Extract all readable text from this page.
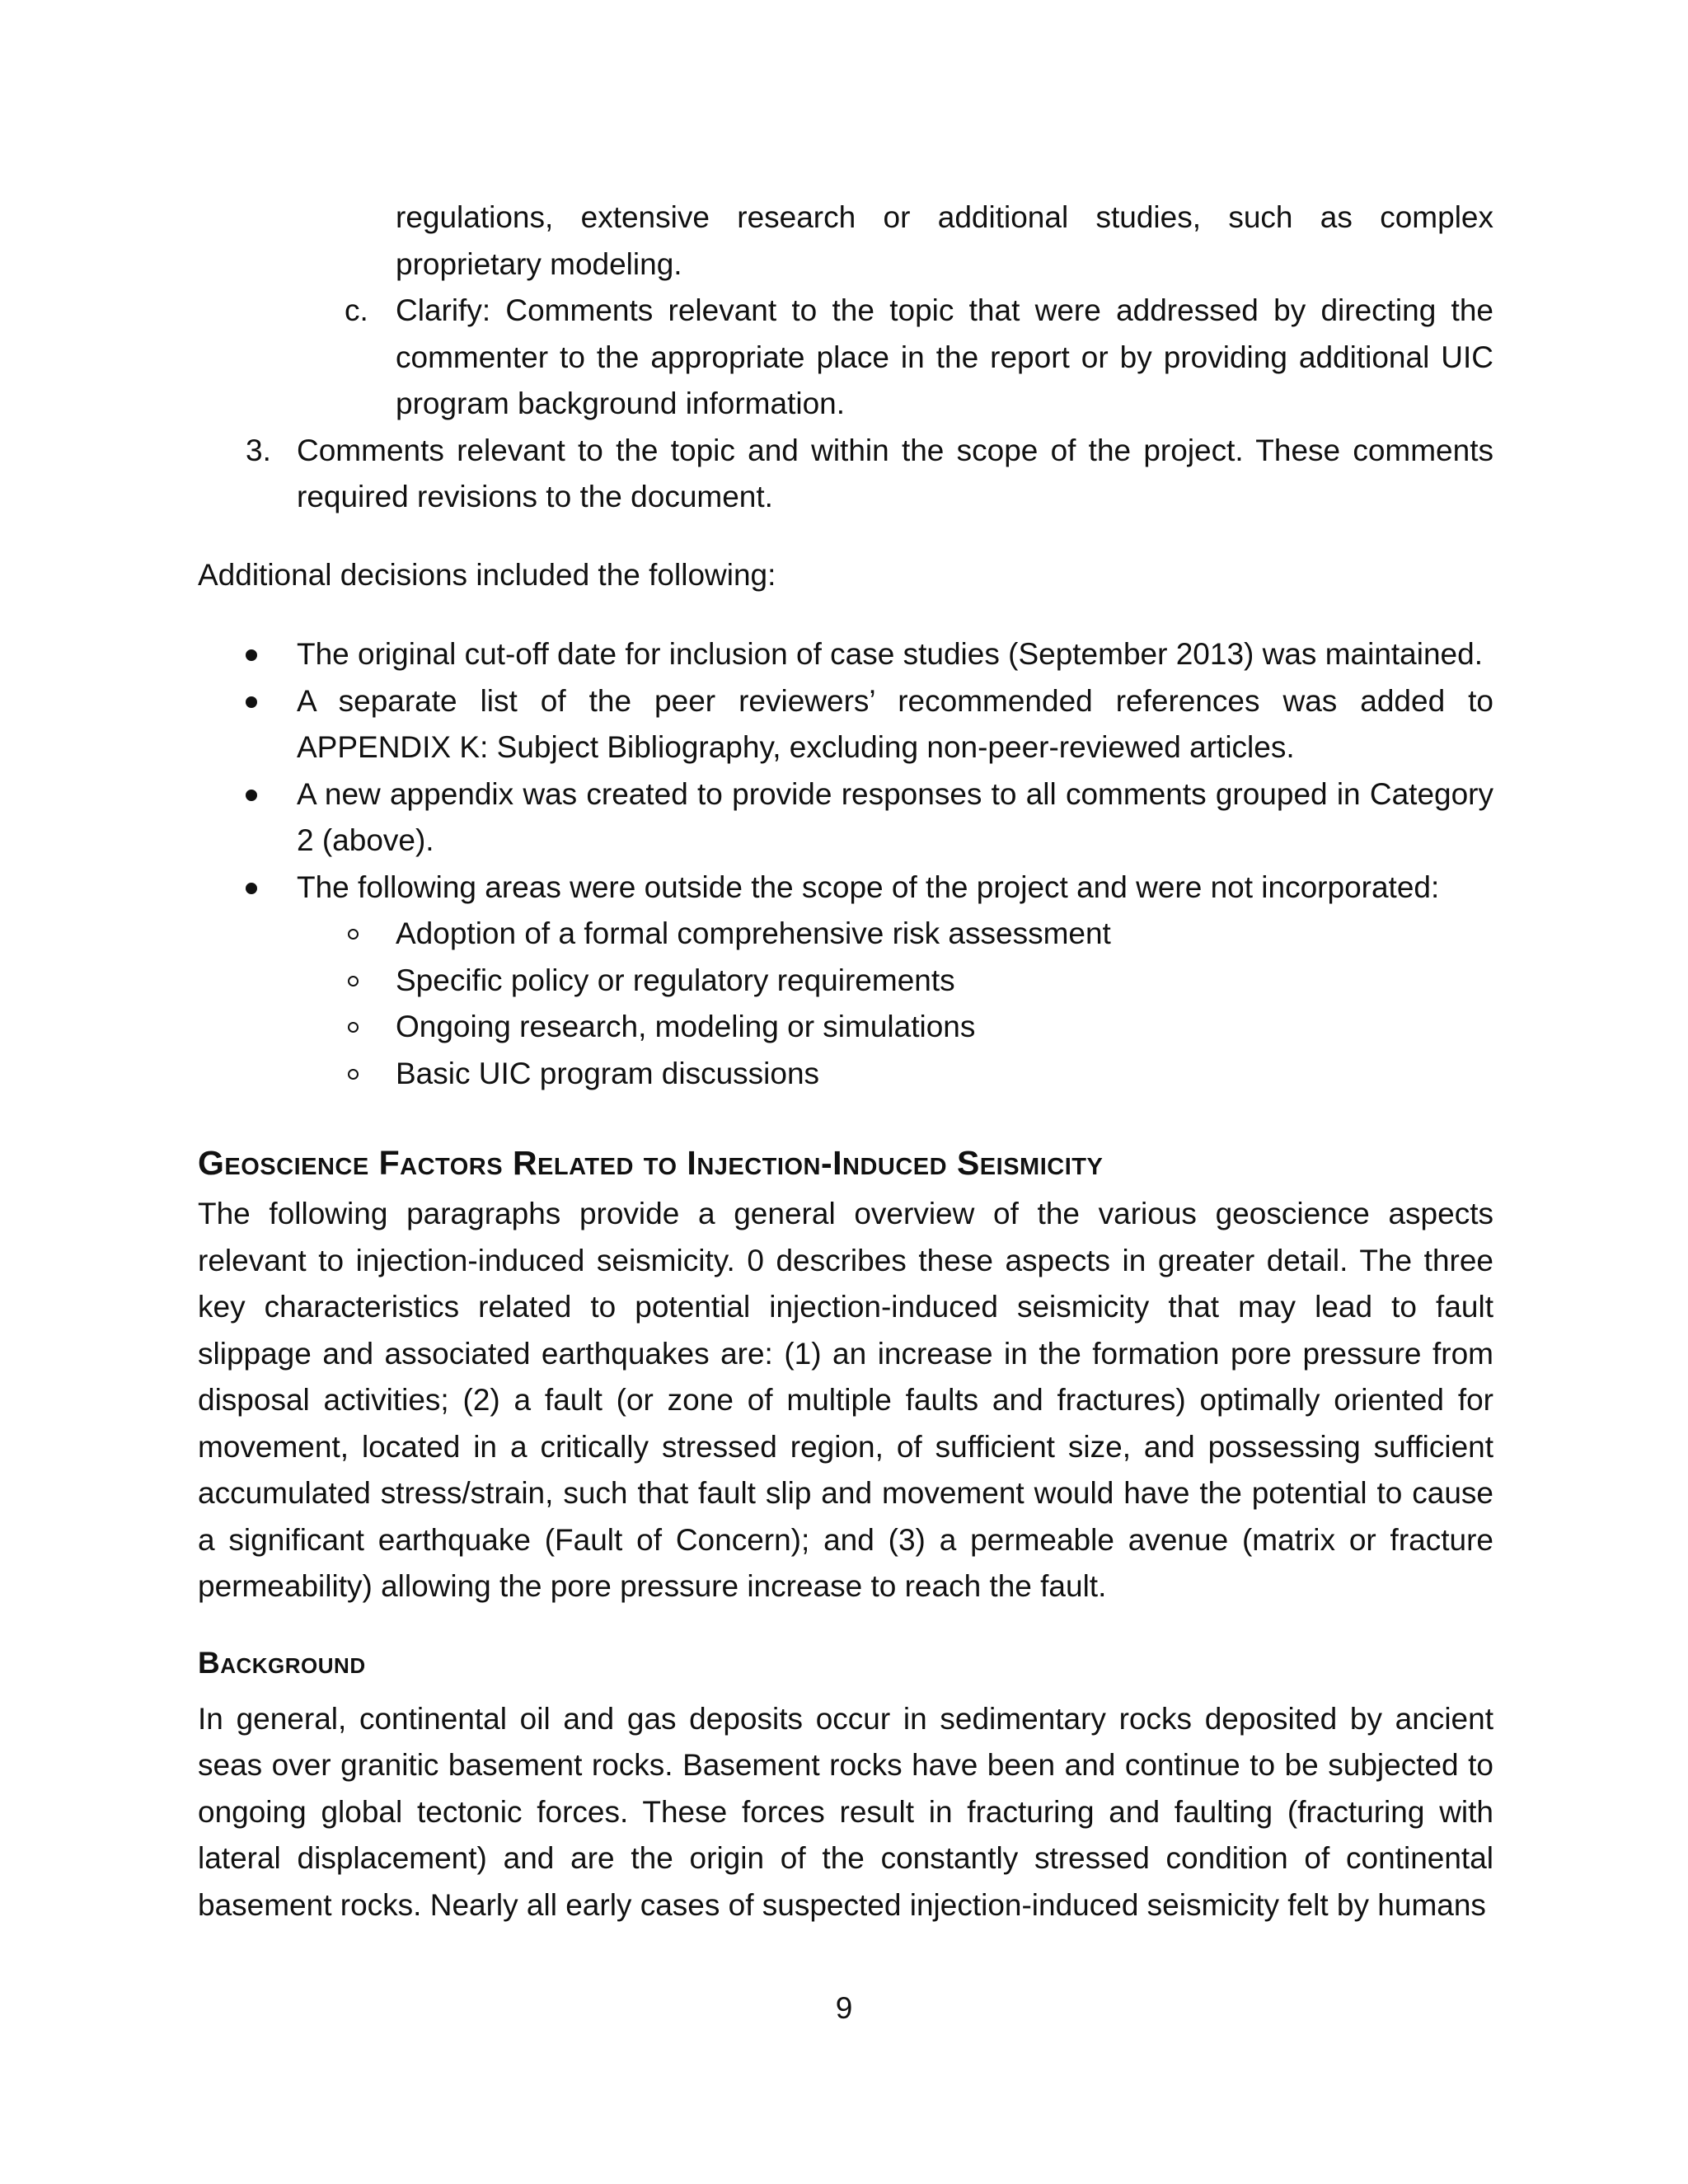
regulations, extensive research or additional studies, such as complex proprietary modeling.

c. Clarify: Comments relevant to the topic that were addressed by directing the commenter to the appropriate place in the report or by providing additional UIC program background information.

3. Comments relevant to the topic and within the scope of the project. These comments required revisions to the document.

Additional decisions included the following:

The original cut-off date for inclusion of case studies (September 2013) was maintained.
A separate list of the peer reviewers’ recommended references was added to APPENDIX K: Subject Bibliography, excluding non-peer-reviewed articles.
A new appendix was created to provide responses to all comments grouped in Category 2 (above).
The following areas were outside the scope of the project and were not incorporated:
Adoption of a formal comprehensive risk assessment
Specific policy or regulatory requirements
Ongoing research, modeling or simulations
Basic UIC program discussions
Geoscience Factors Related to Injection-Induced Seismicity

The following paragraphs provide a general overview of the various geoscience aspects relevant to injection-induced seismicity. 0 describes these aspects in greater detail. The three key characteristics related to potential injection-induced seismicity that may lead to fault slippage and associated earthquakes are: (1) an increase in the formation pore pressure from disposal activities; (2) a fault (or zone of multiple faults and fractures) optimally oriented for movement, located in a critically stressed region, of sufficient size, and possessing sufficient accumulated stress/strain, such that fault slip and movement would have the potential to cause a significant earthquake (Fault of Concern); and (3) a permeable avenue (matrix or fracture permeability) allowing the pore pressure increase to reach the fault.

Background

In general, continental oil and gas deposits occur in sedimentary rocks deposited by ancient seas over granitic basement rocks. Basement rocks have been and continue to be subjected to ongoing global tectonic forces. These forces result in fracturing and faulting (fracturing with lateral displacement) and are the origin of the constantly stressed condition of continental basement rocks. Nearly all early cases of suspected injection-induced seismicity felt by humans

9
